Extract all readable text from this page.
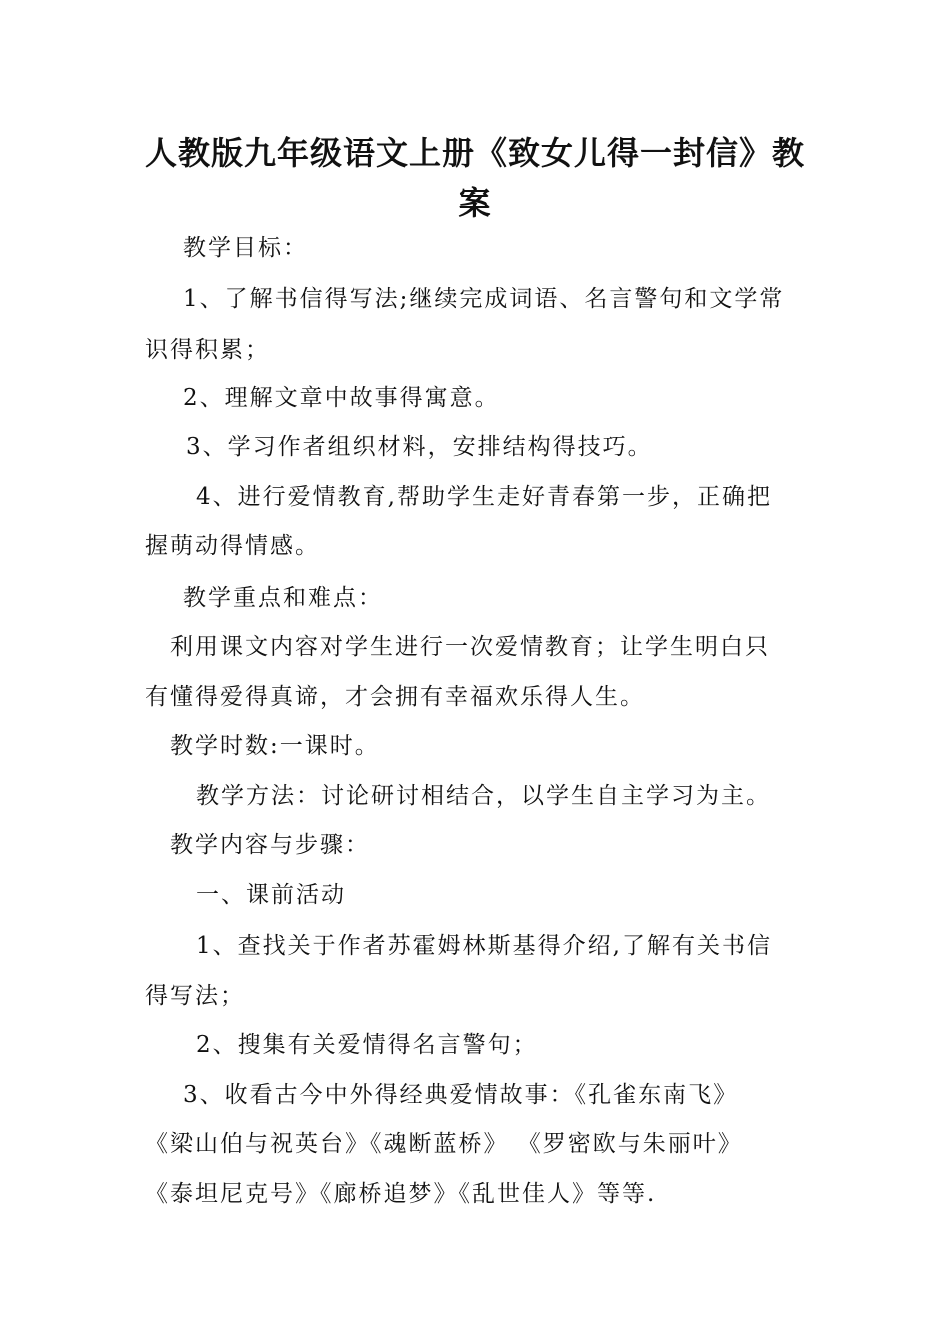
人教版九年级语文上册《致女儿得一封信》教案
教学目标：
1、了解书信得写法;继续完成词语、名言警句和文学常
识得积累；
2、理解文章中故事得寓意。
3、学习作者组织材料，安排结构得技巧。
4、进行爱情教育,帮助学生走好青春第一步，正确把
握萌动得情感。
教学重点和难点：
利用课文内容对学生进行一次爱情教育；让学生明白只
有懂得爱得真谛，才会拥有幸福欢乐得人生。
教学时数:一课时。
教学方法：讨论研讨相结合，以学生自主学习为主。
教学内容与步骤：
一、课前活动
1、查找关于作者苏霍姆林斯基得介绍,了解有关书信
得写法；
2、搜集有关爱情得名言警句；
3、收看古今中外得经典爱情故事：《孔雀东南飞》
《梁山伯与祝英台》《魂断蓝桥》 《罗密欧与朱丽叶》
《泰坦尼克号》《廊桥追梦》《乱世佳人》等等.
